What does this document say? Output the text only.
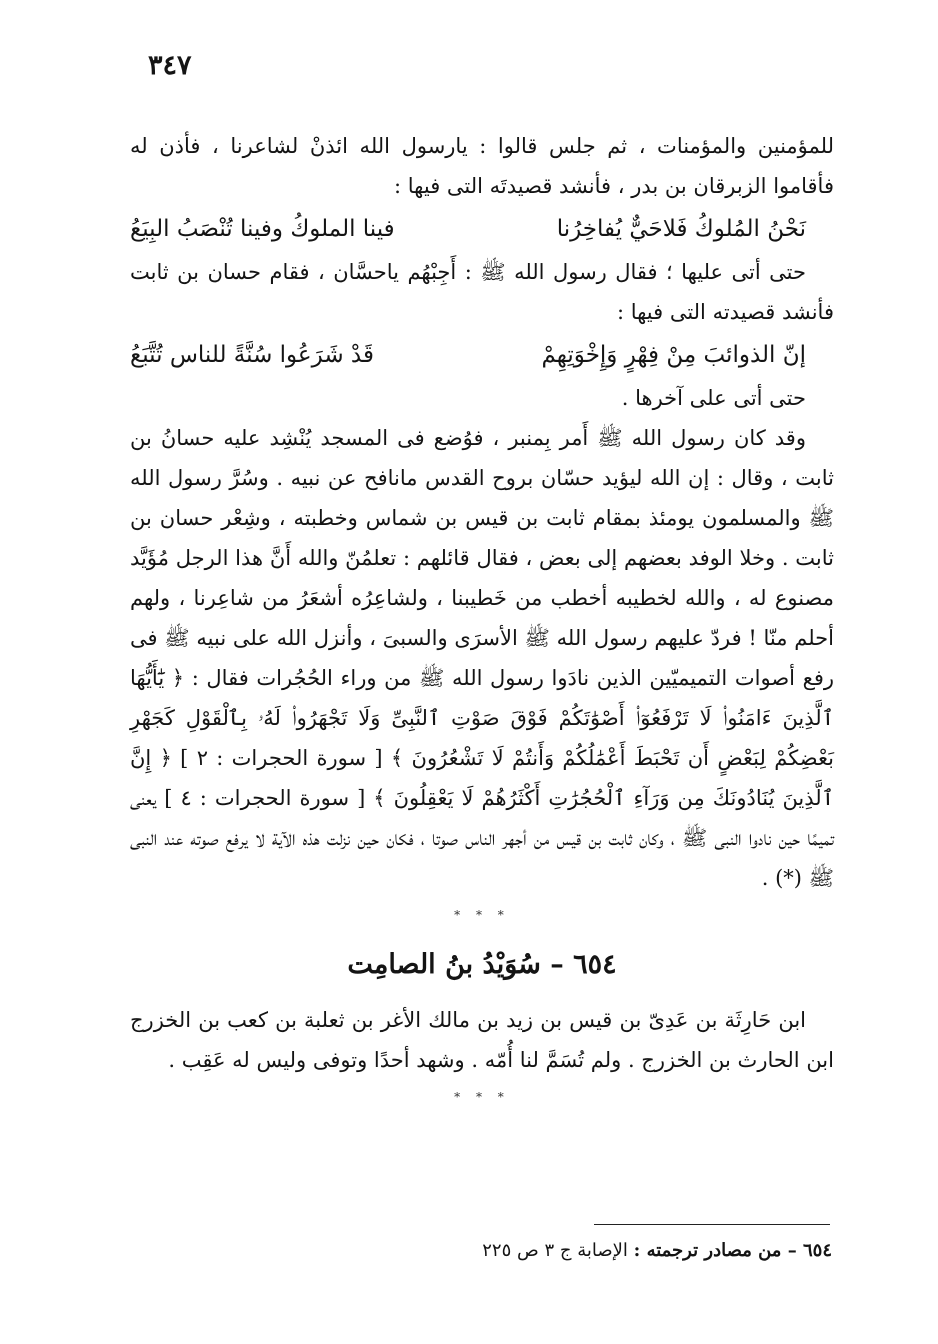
٣٤٧

للمؤمنين والمؤمنات ، ثم جلس قالوا : يارسول الله ائذنْ لشاعرنا ، فأذن له فأقاموا الزبرقان بن بدر ، فأنشد قصيدتَه التى فيها :

نَحْنُ المُلوكُ فَلاحَيٌّ يُفاخِرُنا
فينا الملوكُ وفينا تُنْصَبُ البِيَعُ

حتى أتى عليها ؛ فقال رسول الله ﷺ : أَجِبْهُم ياحسَّان ، فقام حسان بن ثابت فأنشد قصيدته التى فيها :

إنّ الذوائبَ مِنْ فِهْرٍ وَإِخْوَتِهِمْ
قَدْ شَرَعُوا سُنَّةً للناس تُتَّبَعُ

حتى أتى على آخرها .

وقد كان رسول الله ﷺ أَمر بِمنبر ، فوُضع فى المسجد يُنْشِد عليه حسانُ بن ثابت ، وقال : إن الله ليؤيد حسّان بروح القدس مانافح عن نبيه . وسُرَّ رسول الله ﷺ والمسلمون يومئذ بمقام ثابت بن قيس بن شماس وخطبته ، وشِعْر حسان بن ثابت . وخلا الوفد بعضهم إلى بعض ، فقال قائلهم : تعلمُنّ والله أَنَّ هذا الرجل مُؤَيَّد مصنوع له ، والله لخطيبه أخطب من خَطيبنا ، ولشاعِرُه أشعَرُ من شاعِرنا ، ولهم أحلم منّا ! فردّ عليهم رسول الله ﷺ الأسرَى والسبىَ ، وأنزل الله على نبيه ﷺ فى رفع أصوات التميميّين الذين نادَوا رسول الله ﷺ من وراء الحُجُرات فقال : ﴿ يَٰٓأَيُّهَا ٱلَّذِينَ ءَامَنُوا۟ لَا تَرْفَعُوٓا۟ أَصْوَٰتَكُمْ فَوْقَ صَوْتِ ٱلنَّبِىِّ وَلَا تَجْهَرُوا۟ لَهُۥ بِٱلْقَوْلِ كَجَهْرِ بَعْضِكُمْ لِبَعْضٍ أَن تَحْبَطَ أَعْمَٰلُكُمْ وَأَنتُمْ لَا تَشْعُرُونَ ﴾ [ سورة الحجرات : ٢ ] ﴿ إِنَّ ٱلَّذِينَ يُنَادُونَكَ مِن وَرَآءِ ٱلْحُجُرَٰتِ أَكْثَرُهُمْ لَا يَعْقِلُونَ ﴾ [ سورة الحجرات : ٤ ] يعنى تميمًا حين نادوا النبى ﷺ ، وكان ثابت بن قيس من أجهر الناس صوتا ، فكان حين نزلت هذه الآية لا يرفع صوته عند النبى ﷺ (*) .

* * *
٦٥٤ – سُوَيْدُ بنُ الصامِت

ابن حَارِثَة بن عَدِىّ بن قيس بن زيد بن مالك الأغر بن ثعلبة بن كعب بن الخزرج ابن الحارث بن الخزرج . ولم تُسَمَّ لنا أُمّه . وشهد أحدًا وتوفى وليس له عَقِب .

* * *
٦٥٤ – من مصادر ترجمته : الإصابة ج ٣ ص ٢٢٥
